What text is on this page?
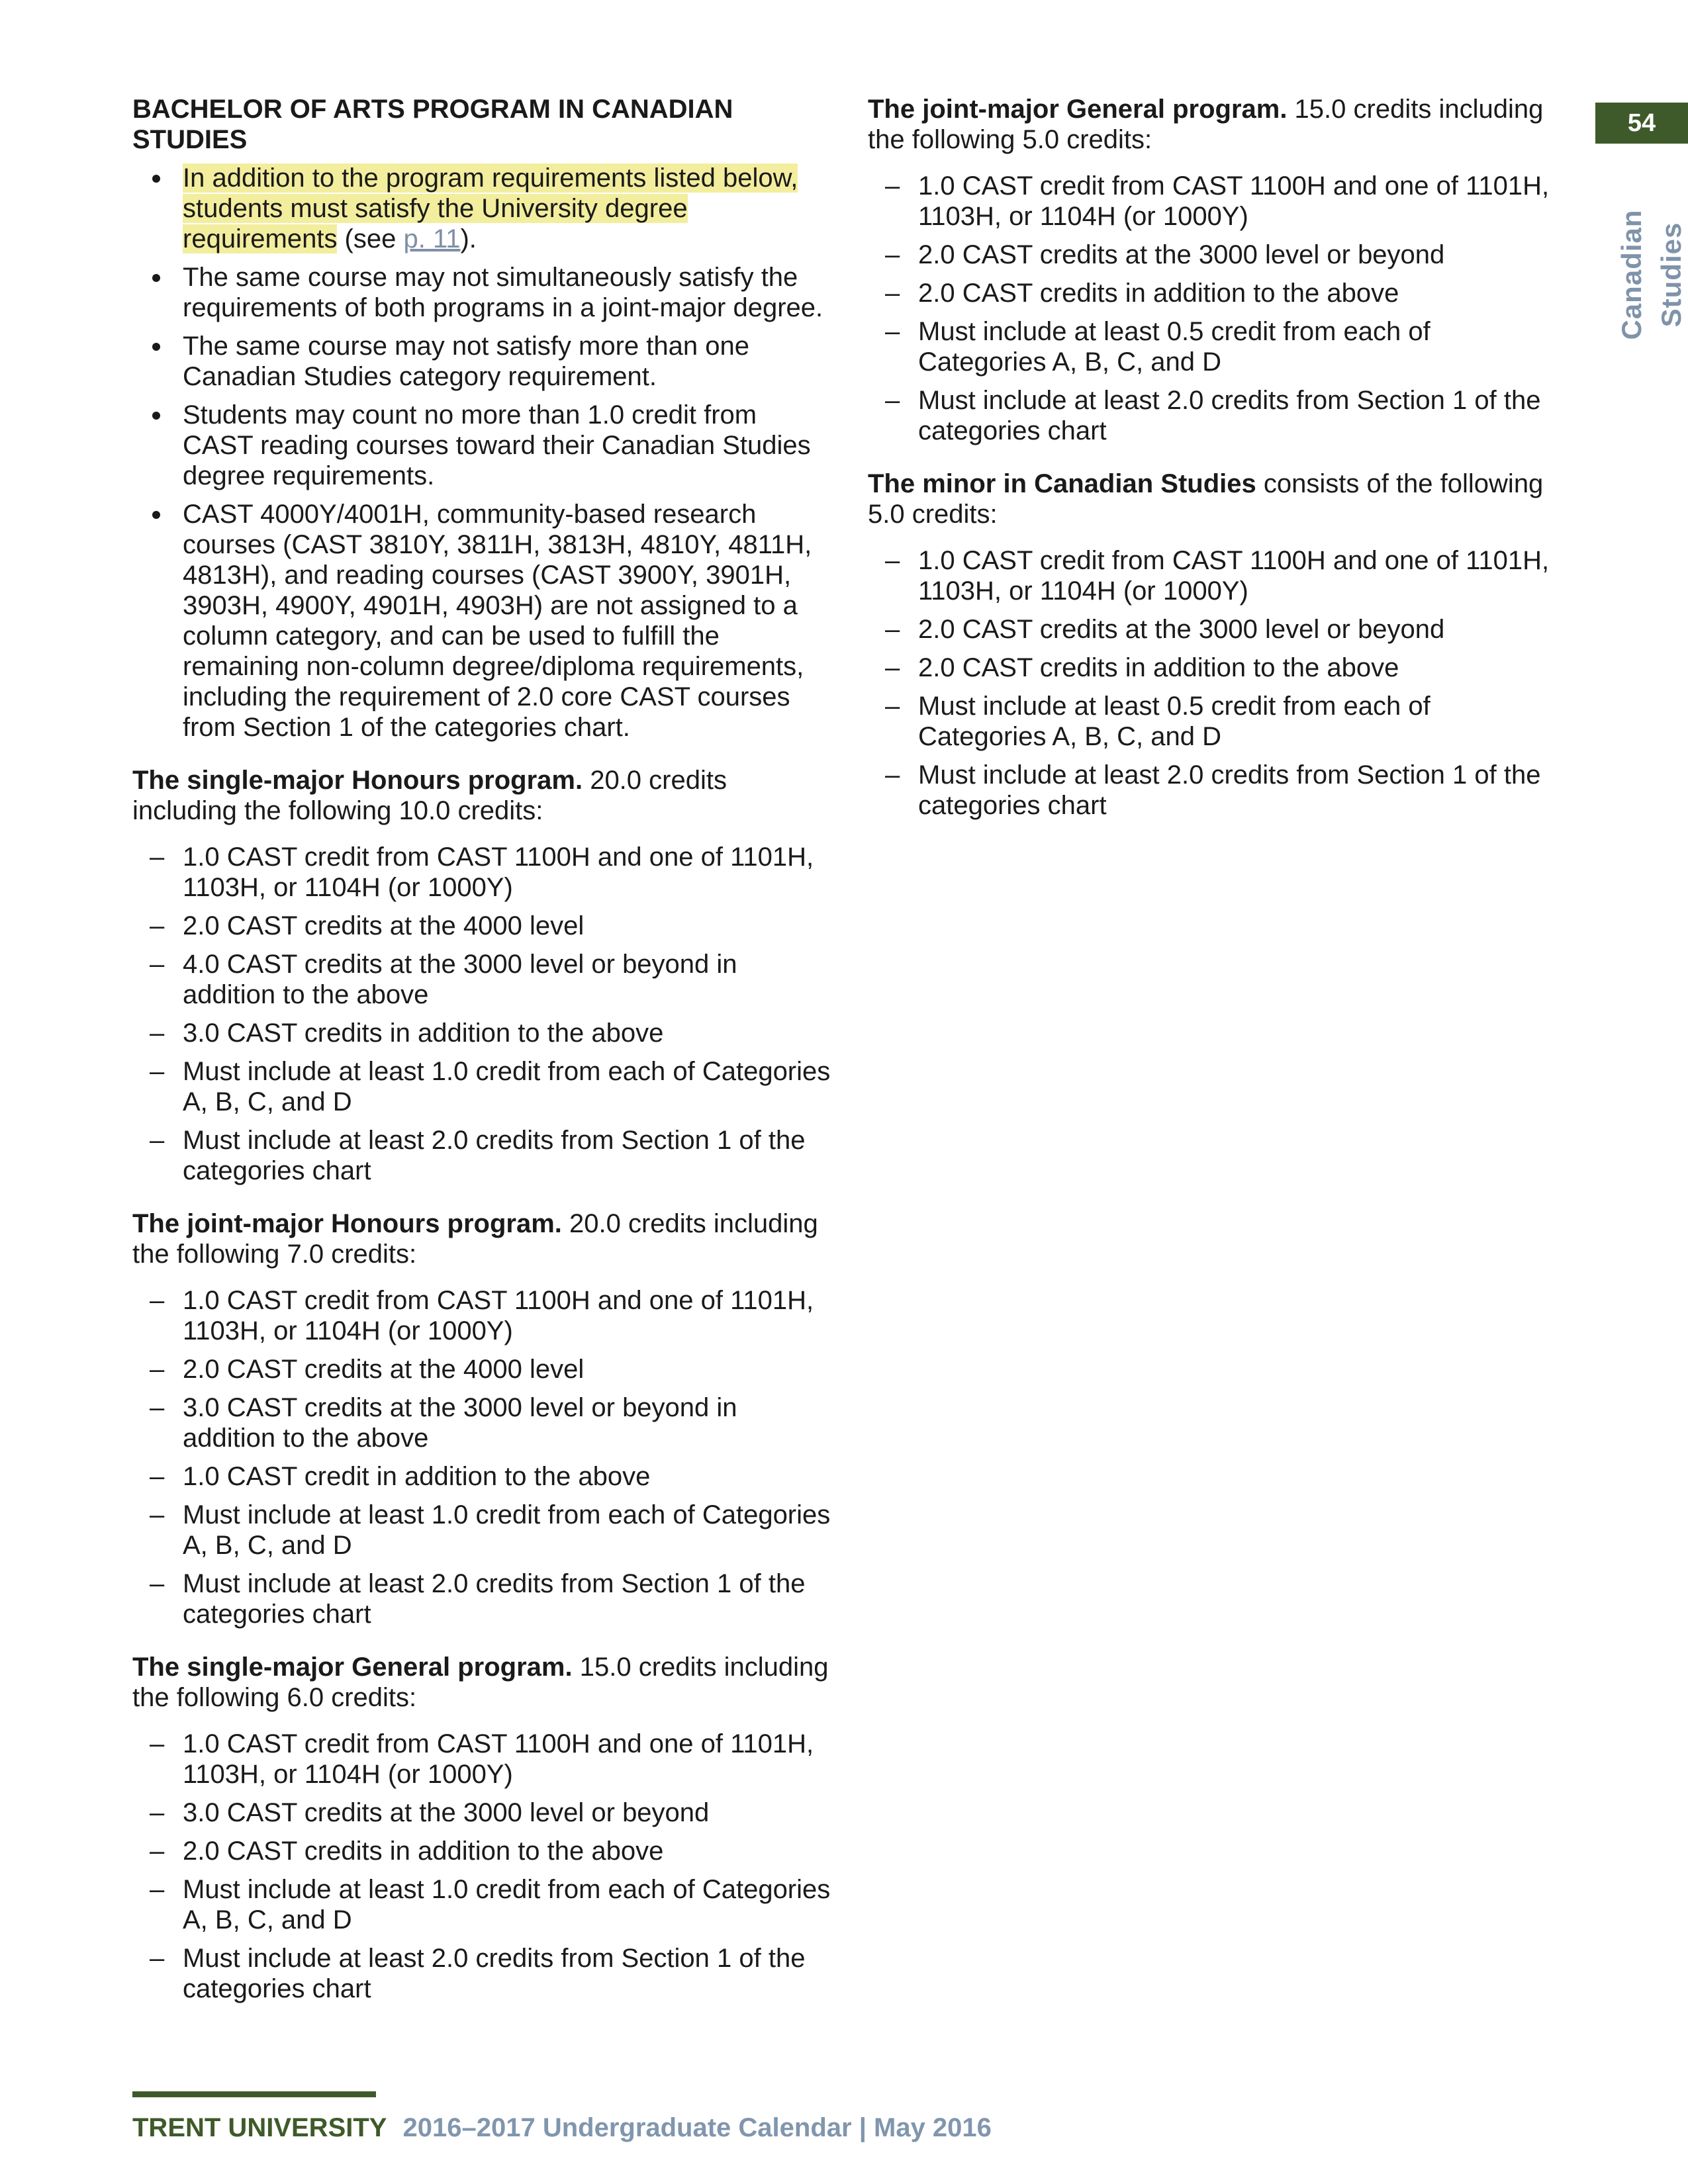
54
Canadian Studies
BACHELOR OF ARTS PROGRAM IN CANADIAN
STUDIES
In addition to the program requirements listed below, students must satisfy the University degree requirements (see p. 11).
The same course may not simultaneously satisfy the requirements of both programs in a joint-major degree.
The same course may not satisfy more than one Canadian Studies category requirement.
Students may count no more than 1.0 credit from CAST reading courses toward their Canadian Studies degree requirements.
CAST 4000Y/4001H, community-based research courses (CAST 3810Y, 3811H, 3813H, 4810Y, 4811H, 4813H), and reading courses (CAST 3900Y, 3901H, 3903H, 4900Y, 4901H, 4903H) are not assigned to a column category, and can be used to fulfill the remaining non-column degree/diploma requirements, including the requirement of 2.0 core CAST courses from Section 1 of the categories chart.

The single-major Honours program. 20.0 credits including the following 10.0 credits:

– 1.0 CAST credit from CAST 1100H and one of 1101H, 1103H, or 1104H (or 1000Y)
– 2.0 CAST credits at the 4000 level
– 4.0 CAST credits at the 3000 level or beyond in addition to the above
– 3.0 CAST credits in addition to the above
– Must include at least 1.0 credit from each of Categories A, B, C, and D
– Must include at least 2.0 credits from Section 1 of the categories chart

The joint-major Honours program. 20.0 credits including the following 7.0 credits:

– 1.0 CAST credit from CAST 1100H and one of 1101H, 1103H, or 1104H (or 1000Y)
– 2.0 CAST credits at the 4000 level
– 3.0 CAST credits at the 3000 level or beyond in addition to the above
– 1.0 CAST credit in addition to the above
– Must include at least 1.0 credit from each of Categories A, B, C, and D
– Must include at least 2.0 credits from Section 1 of the categories chart

The single-major General program. 15.0 credits including the following 6.0 credits:

– 1.0 CAST credit from CAST 1100H and one of 1101H, 1103H, or 1104H (or 1000Y)
– 3.0 CAST credits at the 3000 level or beyond
– 2.0 CAST credits in addition to the above
– Must include at least 1.0 credit from each of Categories A, B, C, and D
– Must include at least 2.0 credits from Section 1 of the categories chart

The joint-major General program. 15.0 credits including the following 5.0 credits:

– 1.0 CAST credit from CAST 1100H and one of 1101H, 1103H, or 1104H (or 1000Y)
– 2.0 CAST credits at the 3000 level or beyond
– 2.0 CAST credits in addition to the above
– Must include at least 0.5 credit from each of Categories A, B, C, and D
– Must include at least 2.0 credits from Section 1 of the categories chart

The minor in Canadian Studies consists of the following 5.0 credits:

– 1.0 CAST credit from CAST 1100H and one of 1101H, 1103H, or 1104H (or 1000Y)
– 2.0 CAST credits at the 3000 level or beyond
– 2.0 CAST credits in addition to the above
– Must include at least 0.5 credit from each of Categories A, B, C, and D
– Must include at least 2.0 credits from Section 1 of the categories chart
TRENT UNIVERSITY 2016–2017 Undergraduate Calendar | May 2016
